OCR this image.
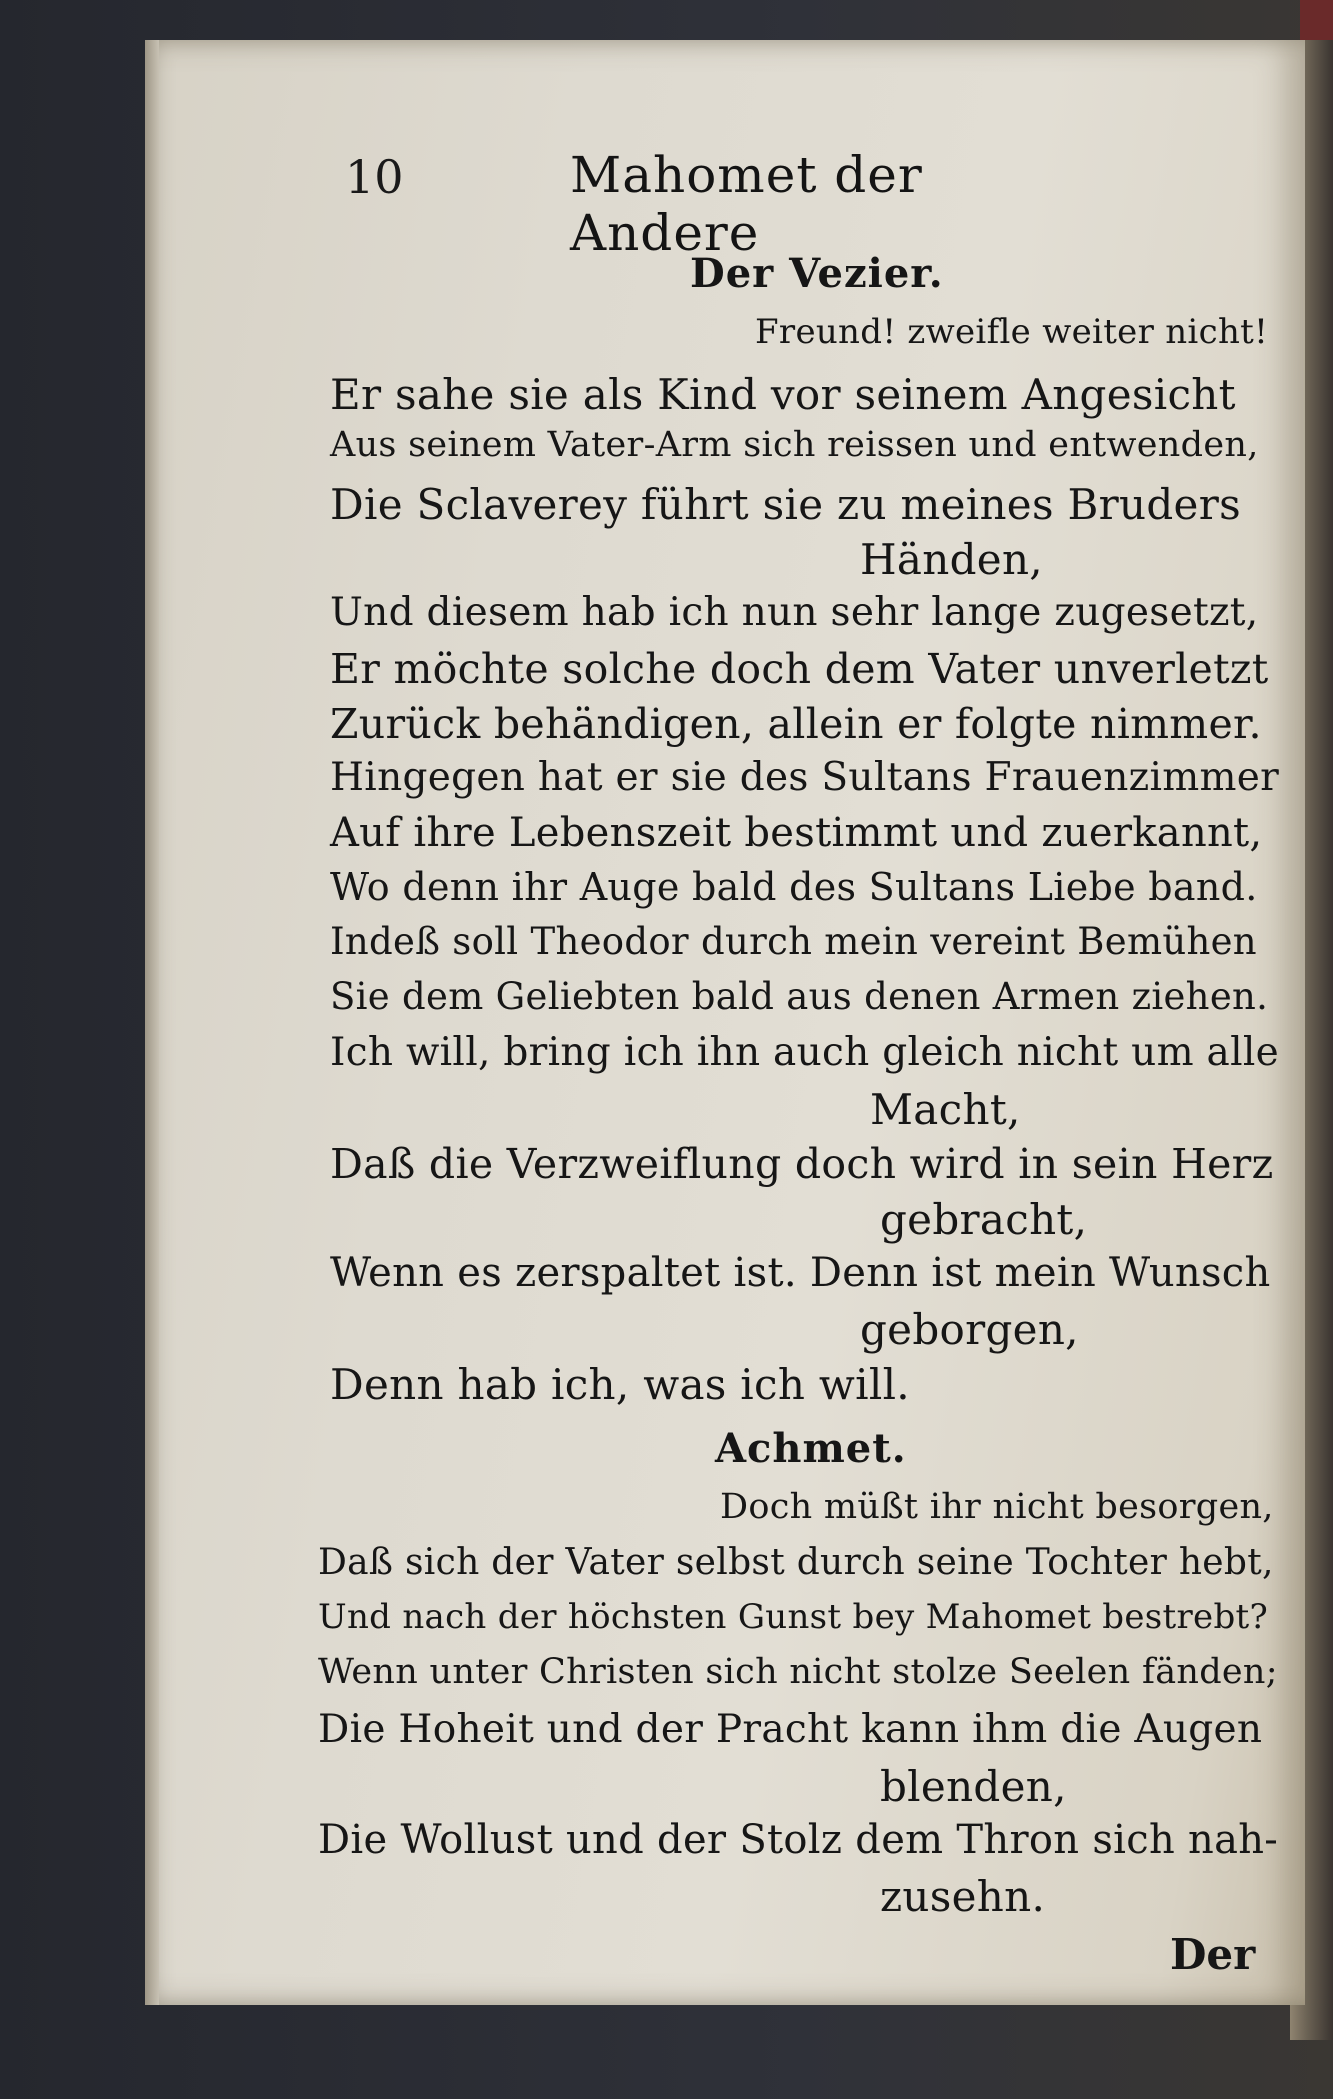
10	Mahomet der Andere
Der Vezier.
Freund! zweifle weiter nicht!
Er sahe sie als Kind vor seinem Angesicht
Aus seinem Vater-Arm sich reissen und entwenden,
Die Sclaverey führt sie zu meines Bruders
Händen,
Und diesem hab ich nun sehr lange zugesetzt,
Er möchte solche doch dem Vater unverletzt
Zurück behändigen, allein er folgte nimmer.
Hingegen hat er sie des Sultans Frauenzimmer
Auf ihre Lebenszeit bestimmt und zuerkannt,
Wo denn ihr Auge bald des Sultans Liebe band.
Indeß soll Theodor durch mein vereint Bemühen
Sie dem Geliebten bald aus denen Armen ziehen.
Ich will, bring ich ihn auch gleich nicht um alle
Macht,
Daß die Verzweiflung doch wird in sein Herz
gebracht,
Wenn es zerspaltet ist. Denn ist mein Wunsch
geborgen,
Denn hab ich, was ich will.
Achmet.
Doch müßt ihr nicht besorgen,
Daß sich der Vater selbst durch seine Tochter hebt,
Und nach der höchsten Gunst bey Mahomet bestrebt?
Wenn unter Christen sich nicht stolze Seelen fänden;
Die Hoheit und der Pracht kann ihm die Augen
blenden,
Die Wollust und der Stolz dem Thron sich nah-
zusehn.
Der
